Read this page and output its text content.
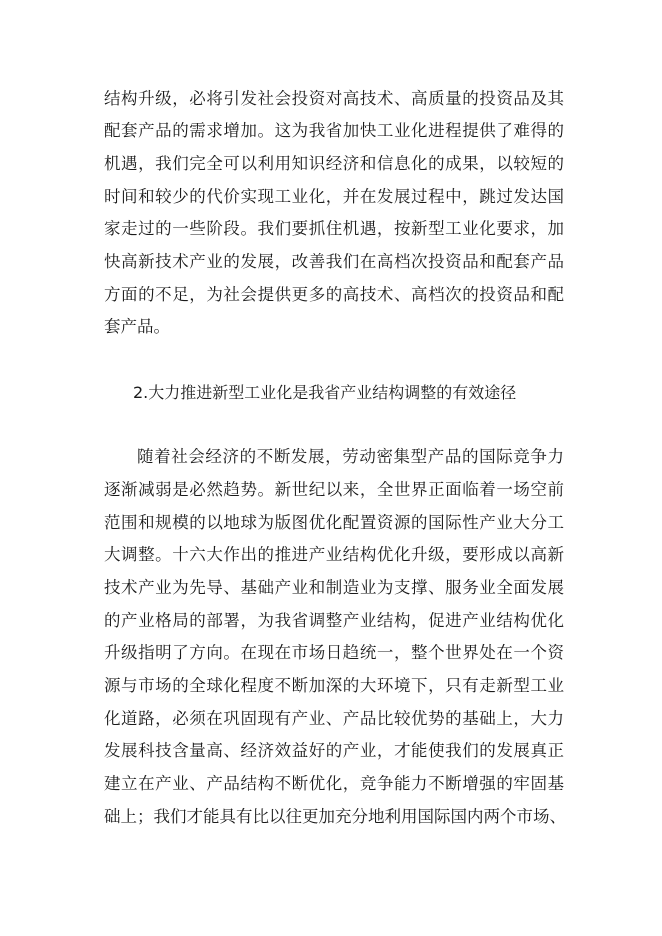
结构升级，必将引发社会投资对高技术、高质量的投资品及其
配套产品的需求增加。这为我省加快工业化进程提供了难得的
机遇，我们完全可以利用知识经济和信息化的成果，以较短的
时间和较少的代价实现工业化，并在发展过程中，跳过发达国
家走过的一些阶段。我们要抓住机遇，按新型工业化要求，加
快高新技术产业的发展，改善我们在高档次投资品和配套产品
方面的不足，为社会提供更多的高技术、高档次的投资品和配
套产品。
2.大力推进新型工业化是我省产业结构调整的有效途径
随着社会经济的不断发展，劳动密集型产品的国际竞争力
逐渐减弱是必然趋势。新世纪以来，全世界正面临着一场空前
范围和规模的以地球为版图优化配置资源的国际性产业大分工
大调整。十六大作出的推进产业结构优化升级，要形成以高新
技术产业为先导、基础产业和制造业为支撑、服务业全面发展
的产业格局的部署，为我省调整产业结构，促进产业结构优化
升级指明了方向。在现在市场日趋统一，整个世界处在一个资
源与市场的全球化程度不断加深的大环境下，只有走新型工业
化道路，必须在巩固现有产业、产品比较优势的基础上，大力
发展科技含量高、经济效益好的产业，才能使我们的发展真正
建立在产业、产品结构不断优化，竞争能力不断增强的牢固基
础上；我们才能具有比以往更加充分地利用国际国内两个市场、
